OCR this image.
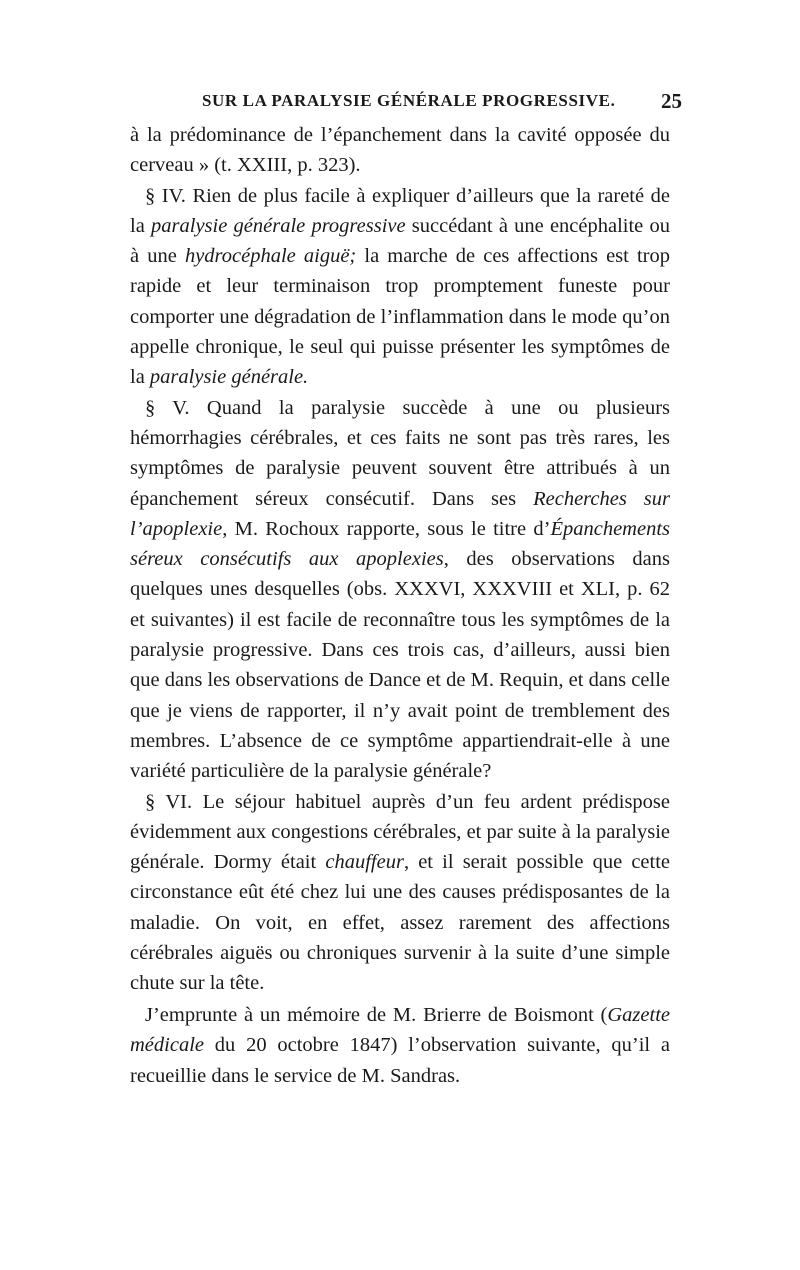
SUR LA PARALYSIE GÉNÉRALE PROGRESSIVE. 25

à la prédominance de l’épanchement dans la cavité opposée du cerveau » (t. XXIII, p. 323).

§ IV. Rien de plus facile à expliquer d’ailleurs que la rareté de la paralysie générale progressive succédant à une encéphalite ou à une hydrocéphale aiguë; la marche de ces affections est trop rapide et leur terminaison trop promptement funeste pour comporter une dégradation de l’inflammation dans le mode qu’on appelle chronique, le seul qui puisse présenter les symptômes de la paralysie générale.

§ V. Quand la paralysie succède à une ou plusieurs hémorrhagies cérébrales, et ces faits ne sont pas très rares, les symptômes de paralysie peuvent souvent être attribués à un épanchement séreux consécutif. Dans ses Recherches sur l’apoplexie, M. Rochoux rapporte, sous le titre d’Épanchements séreux consécutifs aux apoplexies, des observations dans quelques unes desquelles (obs. XXXVI, XXXVIII et XLI, p. 62 et suivantes) il est facile de reconnaître tous les symptômes de la paralysie progressive. Dans ces trois cas, d’ailleurs, aussi bien que dans les observations de Dance et de M. Requin, et dans celle que je viens de rapporter, il n’y avait point de tremblement des membres. L’absence de ce symptôme appartiendrait-elle à une variété particulière de la paralysie générale?

§ VI. Le séjour habituel auprès d’un feu ardent prédispose évidemment aux congestions cérébrales, et par suite à la paralysie générale. Dormy était chauffeur, et il serait possible que cette circonstance eût été chez lui une des causes prédisposantes de la maladie. On voit, en effet, assez rarement des affections cérébrales aiguës ou chroniques survenir à la suite d’une simple chute sur la tête.

J’emprunte à un mémoire de M. Brierre de Boismont (Gazette médicale du 20 octobre 1847) l’observation suivante, qu’il a recueillie dans le service de M. Sandras.
